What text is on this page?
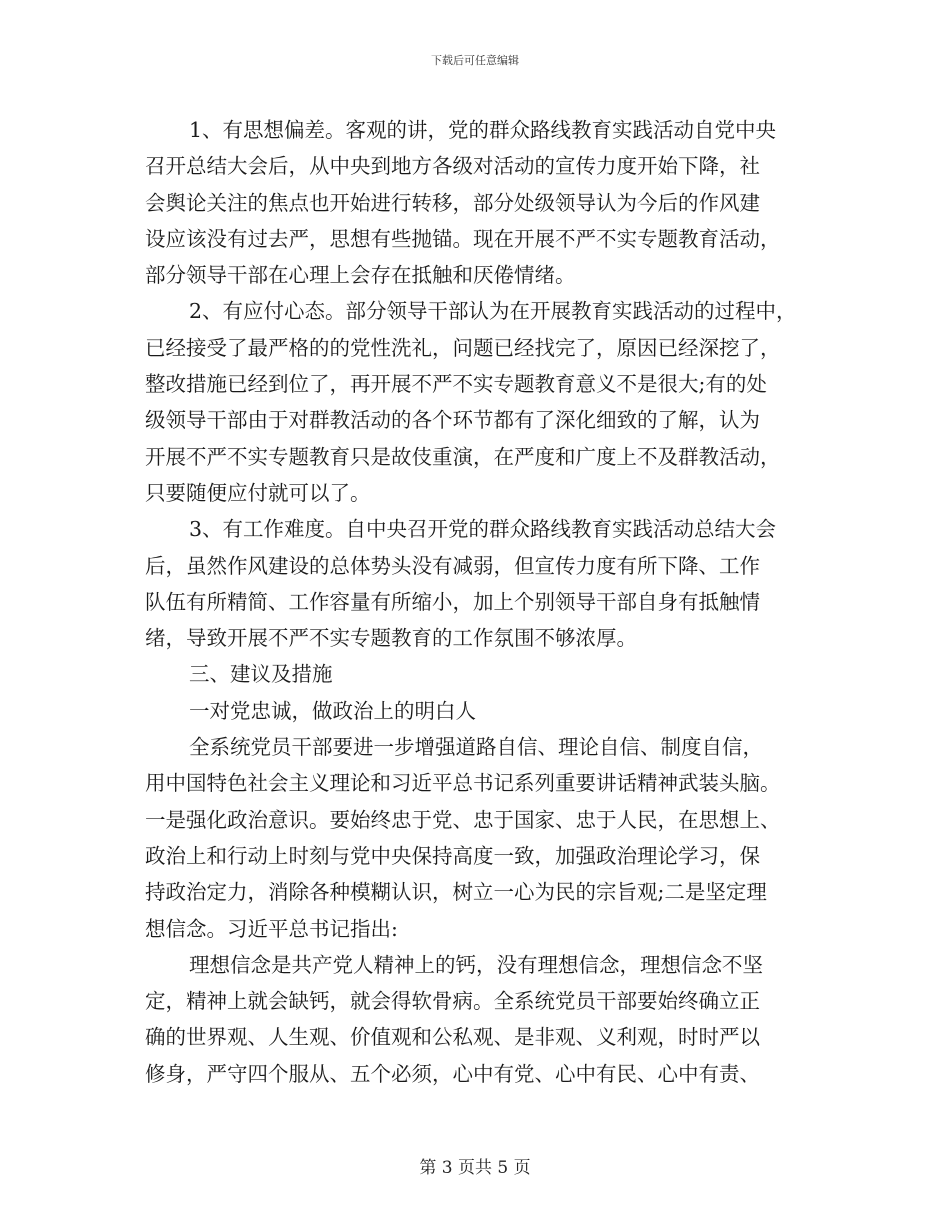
下载后可任意编辑
1、有思想偏差。客观的讲，党的群众路线教育实践活动自党中央
召开总结大会后，从中央到地方各级对活动的宣传力度开始下降，社
会舆论关注的焦点也开始进行转移，部分处级领导认为今后的作风建
设应该没有过去严，思想有些抛锚。现在开展不严不实专题教育活动，
部分领导干部在心理上会存在抵触和厌倦情绪。
2、有应付心态。部分领导干部认为在开展教育实践活动的过程中，
已经接受了最严格的的党性洗礼，问题已经找完了，原因已经深挖了，
整改措施已经到位了，再开展不严不实专题教育意义不是很大;有的处
级领导干部由于对群教活动的各个环节都有了深化细致的了解，认为
开展不严不实专题教育只是故伎重演，在严度和广度上不及群教活动，
只要随便应付就可以了。
3、有工作难度。自中央召开党的群众路线教育实践活动总结大会
后，虽然作风建设的总体势头没有减弱，但宣传力度有所下降、工作
队伍有所精简、工作容量有所缩小，加上个别领导干部自身有抵触情
绪，导致开展不严不实专题教育的工作氛围不够浓厚。
三、建议及措施
一对党忠诚，做政治上的明白人
全系统党员干部要进一步增强道路自信、理论自信、制度自信，
用中国特色社会主义理论和习近平总书记系列重要讲话精神武装头脑。
一是强化政治意识。要始终忠于党、忠于国家、忠于人民，在思想上、
政治上和行动上时刻与党中央保持高度一致，加强政治理论学习，保
持政治定力，消除各种模糊认识，树立一心为民的宗旨观;二是坚定理
想信念。习近平总书记指出:
理想信念是共产党人精神上的钙，没有理想信念，理想信念不坚
定，精神上就会缺钙，就会得软骨病。全系统党员干部要始终确立正
确的世界观、人生观、价值观和公私观、是非观、义利观，时时严以
修身，严守四个服从、五个必须，心中有党、心中有民、心中有责、
第 3 页共 5 页
